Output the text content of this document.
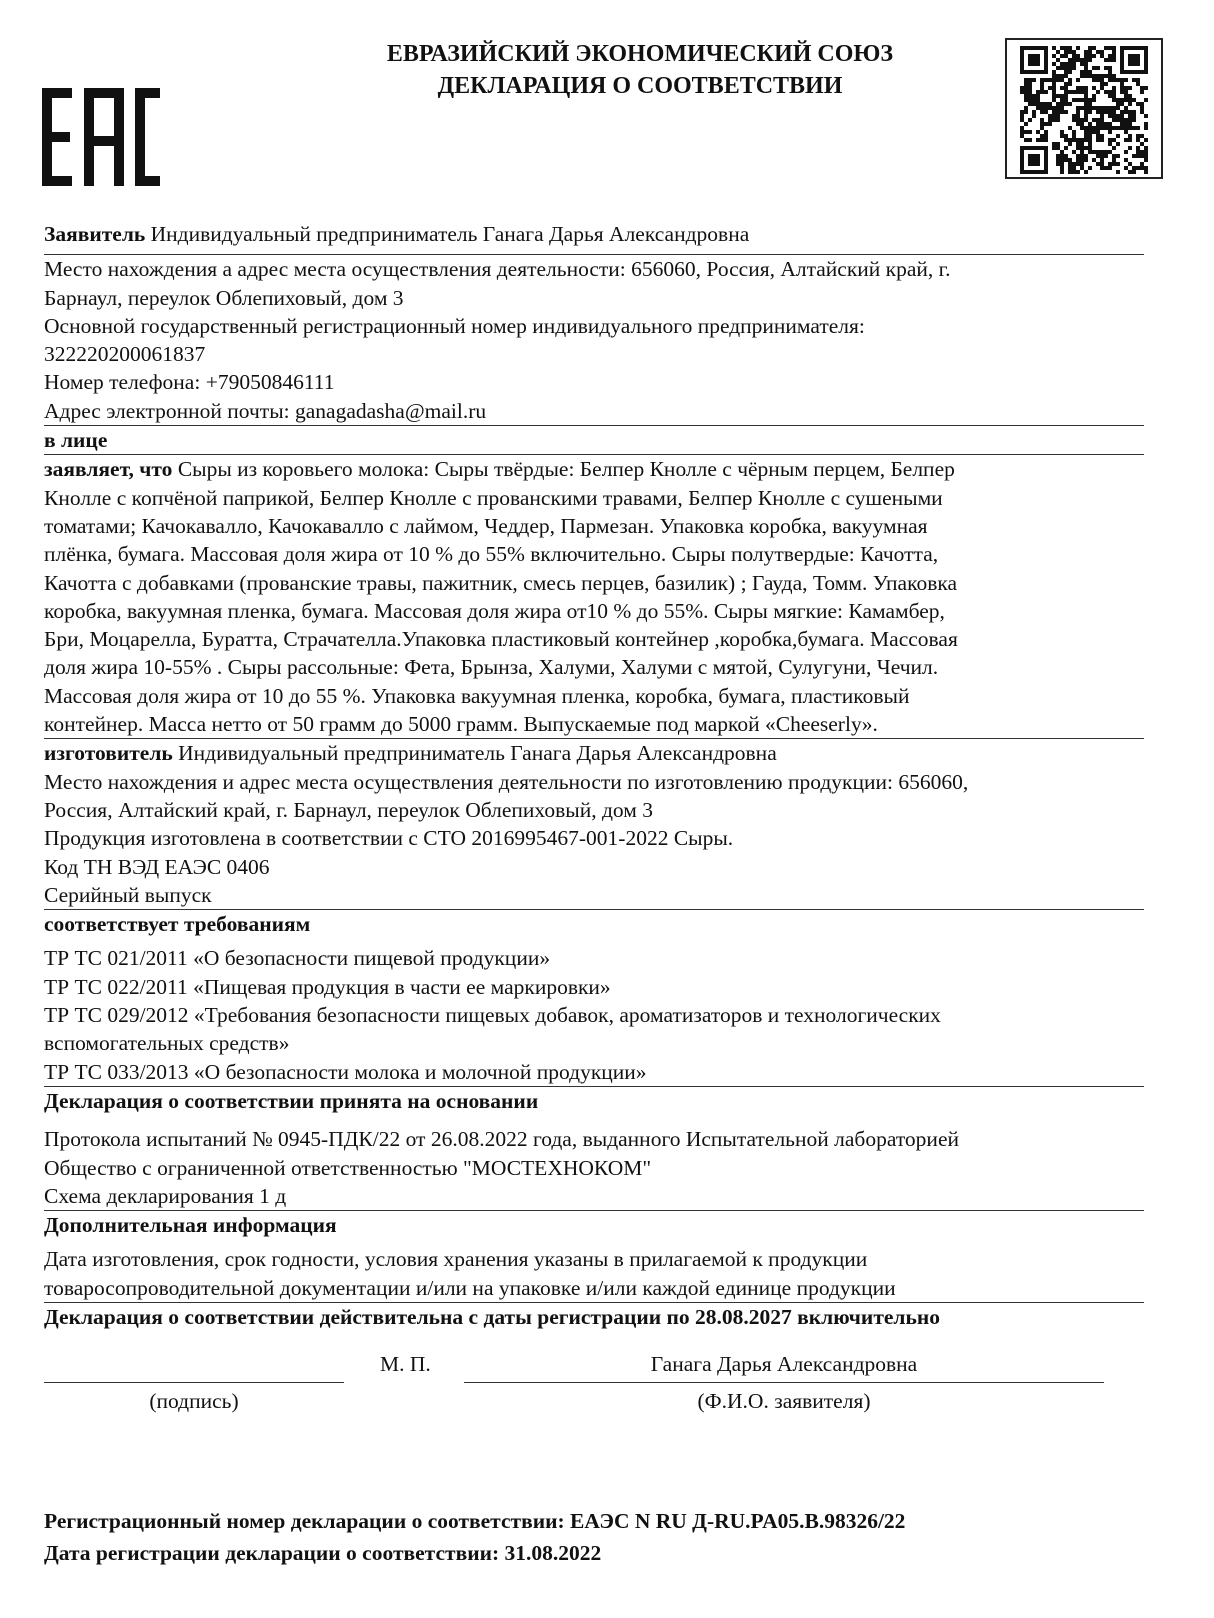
ЕВРАЗИЙСКИЙ ЭКОНОМИЧЕСКИЙ СОЮЗ
ДЕКЛАРАЦИЯ О СООТВЕТСТВИИ
Заявитель Индивидуальный предприниматель Ганага Дарья Александровна
Место нахождения а адрес места осуществления деятельности: 656060, Россия, Алтайский край, г.
Барнаул, переулок Облепиховый, дом 3
Основной государственный регистрационный номер индивидуального предпринимателя:
322220200061837
Номер телефона: +79050846111
Адрес электронной почты: ganagadasha@mail.ru
в лице
заявляет, что Сыры из коровьего молока: Сыры твёрдые: Белпер Кнолле с чёрным перцем, Белпер
Кнолле с копчёной паприкой, Белпер Кнолле с прованскими травами, Белпер Кнолле с сушеными
томатами; Качокавалло, Качокавалло с лаймом, Чеддер, Пармезан. Упаковка коробка, вакуумная
плёнка, бумага. Массовая доля жира от 10 % до 55% включительно. Сыры полутвердые: Качотта,
Качотта с добавками (прованские травы, пажитник, смесь перцев, базилик) ; Гауда, Томм. Упаковка
коробка, вакуумная пленка, бумага. Массовая доля жира от10 % до 55%. Сыры мягкие: Камамбер,
Бри, Моцарелла, Буратта, Страчателла.Упаковка пластиковый контейнер ,коробка,бумага. Массовая
доля жира 10-55% . Сыры рассольные: Фета, Брынза, Халуми, Халуми с мятой, Сулугуни, Чечил.
Массовая доля жира от 10 до 55 %. Упаковка вакуумная пленка, коробка, бумага, пластиковый
контейнер. Масса нетто от 50 грамм до 5000 грамм. Выпускаемые под маркой «Cheeserly».
изготовитель Индивидуальный предприниматель Ганага Дарья Александровна
Место нахождения и адрес места осуществления деятельности по изготовлению продукции: 656060,
Россия, Алтайский край, г. Барнаул, переулок Облепиховый, дом 3
Продукция изготовлена в соответствии с СТО 2016995467-001-2022 Сыры.
Код ТН ВЭД ЕАЭС 0406
Серийный выпуск
соответствует требованиям
ТР ТС 021/2011 «О безопасности пищевой продукции»
ТР ТС 022/2011 «Пищевая продукция в части ее маркировки»
ТР ТС 029/2012 «Требования безопасности пищевых добавок, ароматизаторов и технологических
вспомогательных средств»
ТР ТС 033/2013 «О безопасности молока и молочной продукции»
Декларация о соответствии принята на основании
Протокола испытаний № 0945-ПДК/22 от 26.08.2022 года, выданного Испытательной лабораторией
Общество с ограниченной ответственностью "МОСТЕХНОКОМ"
Схема декларирования 1 д
Дополнительная информация
Дата изготовления, срок годности, условия хранения указаны в прилагаемой к продукции
товаросопроводительной документации и/или на упаковке и/или каждой единице продукции
Декларация о соответствии действительна с даты регистрации по 28.08.2027 включительно
М. П.	Ганага Дарья Александровна
(подпись)	(Ф.И.О. заявителя)
Регистрационный номер декларации о соответствии: ЕАЭС N RU Д-RU.PA05.B.98326/22
Дата регистрации декларации о соответствии: 31.08.2022
